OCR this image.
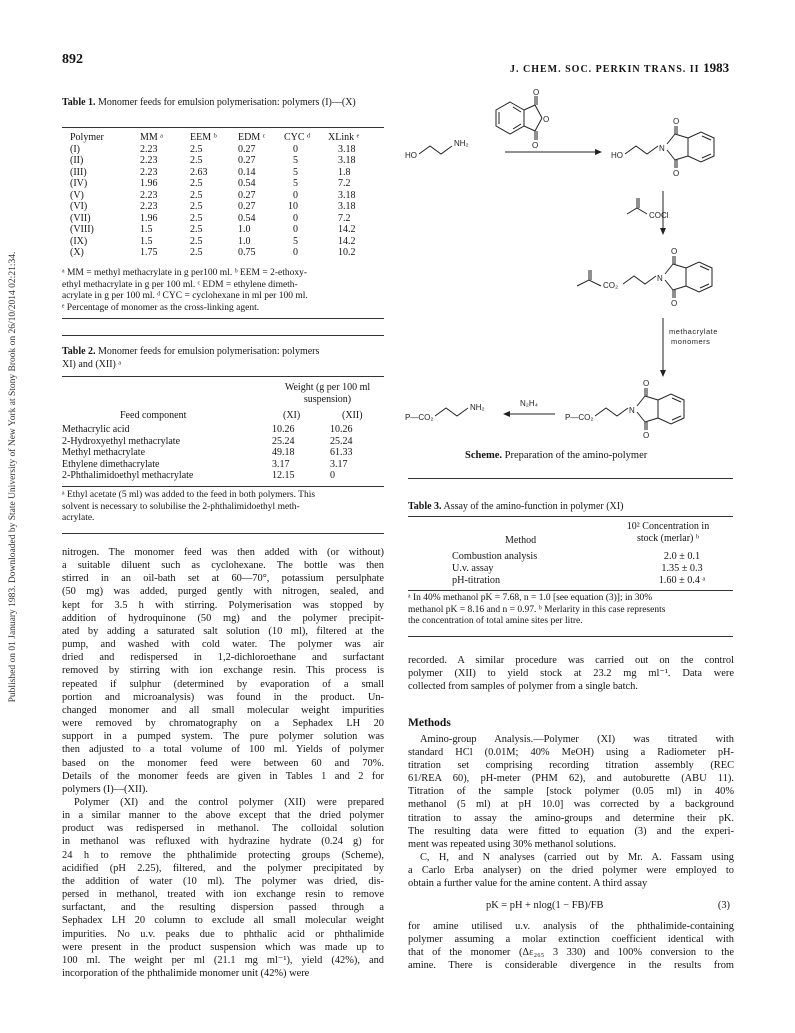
Published on 01 January 1983. Downloaded by State University of New York at Stony Brook on 26/10/2014 02:21:34.
892
J. CHEM. SOC. PERKIN TRANS. II 1983
Table 1. Monomer feeds for emulsion polymerisation: polymers (I)—(X)
Polymer	MM ᵃ	EEM ᵇ	EDM ᶜ	CYC ᵈ	XLink ᵉ
(I)	2.23	2.5	0.27	0	3.18
(II)	2.23	2.5	0.27	5	3.18
(III)	2.23	2.63	0.14	5	1.8
(IV)	1.96	2.5	0.54	5	7.2
(V)	2.23	2.5	0.27	0	3.18
(VI)	2.23	2.5	0.27	10	3.18
(VII)	1.96	2.5	0.54	0	7.2
(VIII)	1.5	2.5	1.0	0	14.2
(IX)	1.5	2.5	1.0	5	14.2
(X)	1.75	2.5	0.75	0	10.2
ᵃ MM = methyl methacrylate in g per100 ml. ᵇ EEM = 2-ethoxy-
ethyl methacrylate in g per 100 ml. ᶜ EDM = ethylene dimeth-
acrylate in g per 100 ml. ᵈ CYC = cyclohexane in ml per 100 ml.
ᵉ Percentage of monomer as the cross-linking agent.
Table 2. Monomer feeds for emulsion polymerisation: polymers
XI) and (XII) ᵃ
Weight (g per 100 ml
suspension)
Feed component	(XI)	(XII)
Methacrylic acid	10.26	10.26
2-Hydroxyethyl methacrylate	25.24	25.24
Methyl methacrylate	49.18	61.33
Ethylene dimethacrylate	3.17	3.17
2-Phthalimidoethyl methacrylate	12.15	0
ᵃ Ethyl acetate (5 ml) was added to the feed in both polymers. This
solvent is necessary to solubilise the 2-phthalimidoethyl meth-
acrylate.
nitrogen. The monomer feed was then added with (or without)
a suitable diluent such as cyclohexane. The bottle was then
stirred in an oil-bath set at 60—70°, potassium persulphate
(50 mg) was added, purged gently with nitrogen, sealed, and
kept for 3.5 h with stirring. Polymerisation was stopped by
addition of hydroquinone (50 mg) and the polymer precipit-
ated by adding a saturated salt solution (10 ml), filtered at the
pump, and washed with cold water. The polymer was air
dried and redispersed in 1,2-dichloroethane and surfactant
removed by stirring with ion exchange resin. This process is
repeated if sulphur (determined by evaporation of a small
portion and microanalysis) was found in the product. Un-
changed monomer and all small molecular weight impurities
were removed by chromatography on a Sephadex LH 20
support in a pumped system. The pure polymer solution was
then adjusted to a total volume of 100 ml. Yields of polymer
based on the monomer feed were between 60 and 70%.
Details of the monomer feeds are given in Tables 1 and 2 for
polymers (I)—(XII).
Polymer (XI) and the control polymer (XII) were prepared
in a similar manner to the above except that the dried polymer
product was redispersed in methanol. The colloidal solution
in methanol was refluxed with hydrazine hydrate (0.24 g) for
24 h to remove the phthalimide protecting groups (Scheme),
acidified (pH 2.25), filtered, and the polymer precipitated by
the addition of water (10 ml). The polymer was dried, dis-
persed in methanol, treated with ion exchange resin to remove
surfactant, and the resulting dispersion passed through a
Sephadex LH 20 column to exclude all small molecular weight
impurities. No u.v. peaks due to phthalic acid or phthalimide
were present in the product suspension which was made up to
100 ml. The weight per ml (21.1 mg ml⁻¹), yield (42%), and
incorporation of the phthalimide monomer unit (42%) were
O
O
O
HO
NH₂
HO
N
O
O
COCl
CO₂
N
O
O
methacrylate
monomers
P—CO₂
NH₂	N₂H₄
P—CO₂
N
O
O
Scheme. Preparation of the amino-polymer
Table 3. Assay of the amino-function in polymer (XI)
10² Concentration in
stock (merlar) ᵇ
Method
Combustion analysis	2.0 ± 0.1
U.v. assay	1.35 ± 0.3
pH-titration	1.60 ± 0.4 ᵃ
ᵃ In 40% methanol pK = 7.68, n = 1.0 [see equation (3)]; in 30%
methanol pK = 8.16 and n = 0.97. ᵇ Merlarity in this case represents
the concentration of total amine sites per litre.
recorded. A similar procedure was carried out on the control
polymer (XII) to yield stock at 23.2 mg ml⁻¹. Data were
collected from samples of polymer from a single batch.
Methods
Amino-group Analysis.—Polymer (XI) was titrated with
standard HCl (0.01M; 40% MeOH) using a Radiometer pH-
titration set comprising recording titration assembly (REC
61/REA 60), pH-meter (PHM 62), and autoburette (ABU 11).
Titration of the sample [stock polymer (0.05 ml) in 40%
methanol (5 ml) at pH 10.0] was corrected by a background
titration to assay the amino-groups and determine their pK.
The resulting data were fitted to equation (3) and the experi-
ment was repeated using 30% methanol solutions.
C, H, and N analyses (carried out by Mr. A. Fassam using
a Carlo Erba analyser) on the dried polymer were employed to
obtain a further value for the amine content. A third assay
pK = pH + nlog(1 − FB)/FB	(3)
for amine utilised u.v. analysis of the phthalimide-containing
polymer assuming a molar extinction coefficient identical with
that of the monomer (Δε₂₆₅ 3 330) and 100% conversion to the
amine. There is considerable divergence in the results from
